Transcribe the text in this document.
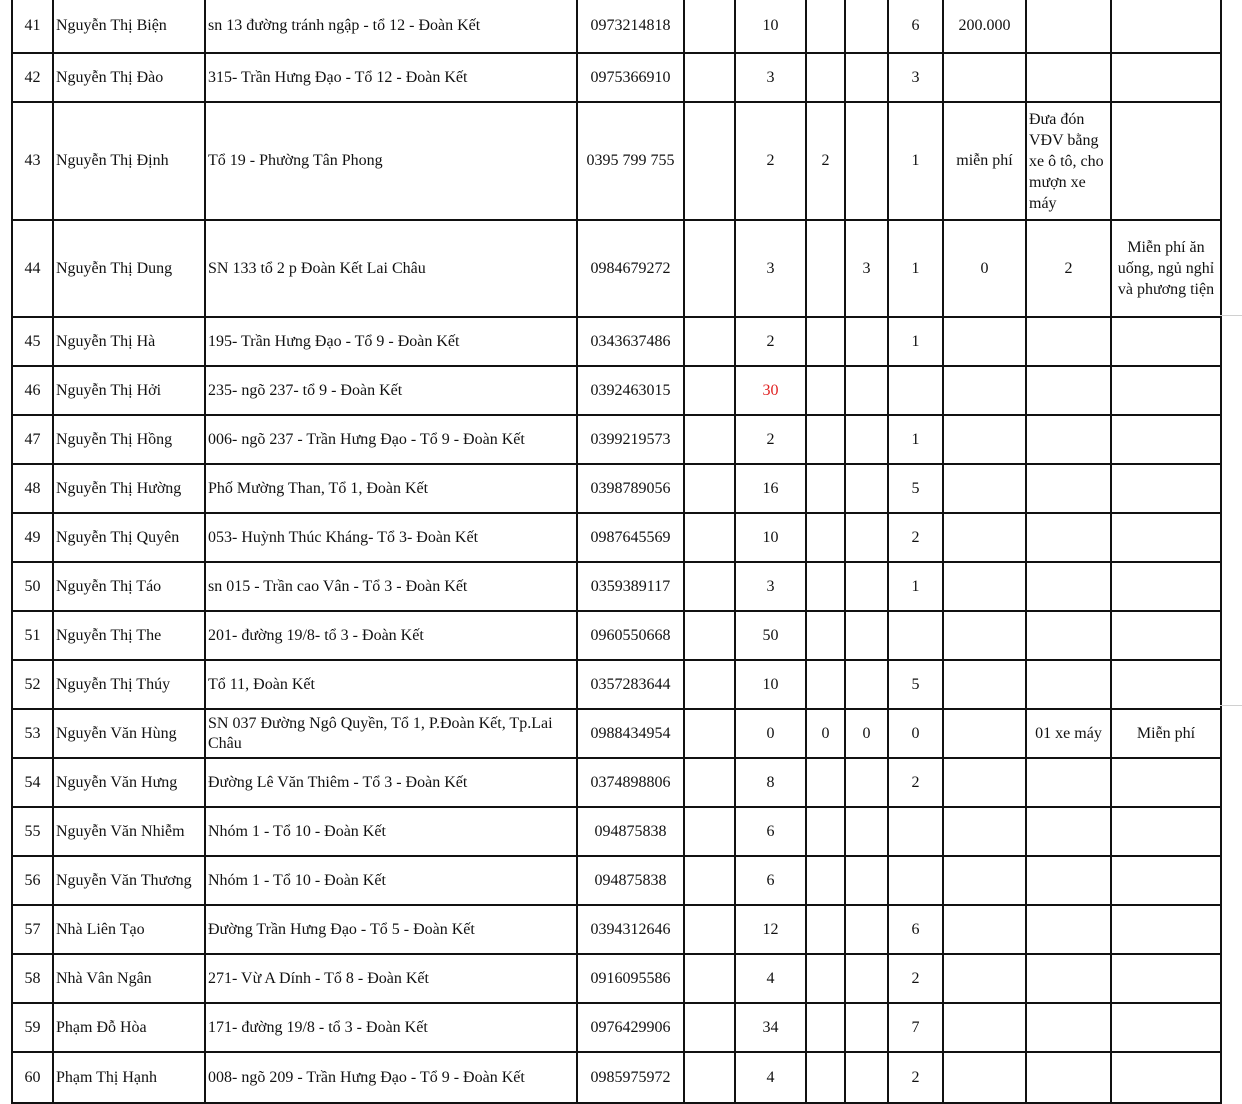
41	Nguyễn Thị Biện	sn 13 đường tránh ngập - tổ 12 - Đoàn Kết	0973214818		10			6	200.000		
42	Nguyễn Thị Đào	315- Trần Hưng Đạo - Tổ 12 - Đoàn Kết	0975366910		3			3			
43	Nguyễn Thị Định	Tổ 19 - Phường Tân Phong	0395 799 755		2	2		1	miễn phí	Đưa đón VĐV bằng xe ô tô, cho mượn xe máy	
44	Nguyễn Thị Dung	SN 133 tổ 2 p Đoàn Kết Lai Châu	0984679272		3		3	1	0	2	Miễn phí ăn uống, ngủ nghỉ và phương tiện
45	Nguyễn Thị Hà	195- Trần Hưng Đạo - Tổ 9 - Đoàn Kết	0343637486		2			1			
46	Nguyễn Thị Hởi	235- ngõ 237- tổ 9 - Đoàn Kết	0392463015		30						
47	Nguyễn Thị Hồng	006- ngõ 237 - Trần Hưng Đạo - Tổ 9 - Đoàn Kết	0399219573		2			1			
48	Nguyễn Thị Hường	Phố Mường Than, Tổ 1, Đoàn Kết	0398789056		16			5			
49	Nguyễn Thị Quyên	053- Huỳnh Thúc Kháng- Tổ 3- Đoàn Kết	0987645569		10			2			
50	Nguyễn Thị Táo	sn 015 - Trần cao Vân - Tổ 3 - Đoàn Kết	0359389117		3			1			
51	Nguyễn Thị The	201- đường 19/8- tổ 3 - Đoàn Kết	0960550668		50						
52	Nguyễn Thị Thúy	Tổ 11, Đoàn Kết	0357283644		10			5			
53	Nguyễn Văn Hùng	SN 037 Đường Ngô Quyền, Tổ 1, P.Đoàn Kết, Tp.Lai Châu	0988434954		0	0	0	0		01 xe máy	Miễn phí
54	Nguyễn Văn Hưng	Đường Lê Văn Thiêm - Tổ 3 - Đoàn Kết	0374898806		8			2			
55	Nguyễn Văn Nhiễm	Nhóm 1 - Tổ 10 - Đoàn Kết	094875838		6						
56	Nguyễn Văn Thương	Nhóm 1 - Tổ 10 - Đoàn Kết	094875838		6						
57	Nhà Liên Tạo	Đường Trần Hưng Đạo - Tổ 5 - Đoàn Kết	0394312646		12			6			
58	Nhà Vân Ngân	271- Vừ A Dính - Tổ 8 - Đoàn Kết	0916095586		4			2			
59	Phạm Đỗ Hòa	171- đường 19/8 - tổ 3 - Đoàn Kết	0976429906		34			7			
60	Phạm Thị Hạnh	008- ngõ 209 - Trần Hưng Đạo - Tổ 9 - Đoàn Kết	0985975972		4			2			
